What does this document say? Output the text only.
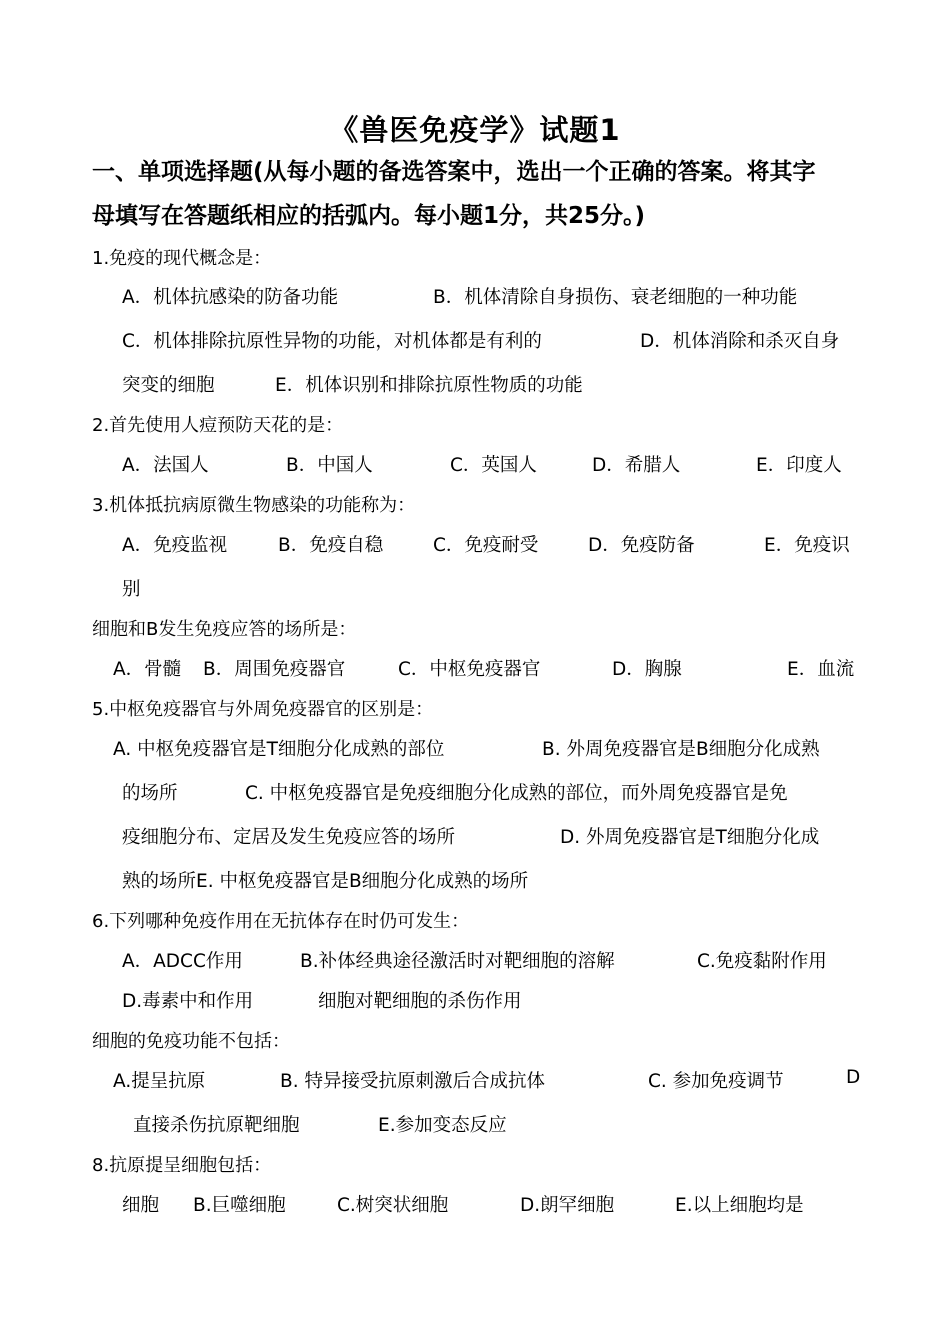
《兽医免疫学》试题1
一、单项选择题(从每小题的备选答案中，选出一个正确的答案。将其字
母填写在答题纸相应的括弧内。每小题1分，共25分。)
1.免疫的现代概念是：
A．机体抗感染的防备功能	B．机体清除自身损伤、衰老细胞的一种功能
C．机体排除抗原性异物的功能，对机体都是有利的	D．机体消除和杀灭自身
突变的细胞	E．机体识别和排除抗原性物质的功能
2.首先使用人痘预防天花的是：
A．法国人	B．中国人	C．英国人	D．希腊人	E．印度人
3.机体抵抗病原微生物感染的功能称为：
A．免疫监视	B．免疫自稳	C．免疫耐受	D．免疫防备	E．免疫识
别
细胞和B发生免疫应答的场所是：
A．骨髓 B．周围免疫器官	C．中枢免疫器官	D．胸腺	E．血流
5.中枢免疫器官与外周免疫器官的区别是：
A. 中枢免疫器官是T细胞分化成熟的部位	B. 外周免疫器官是B细胞分化成熟
的场所	C. 中枢免疫器官是免疫细胞分化成熟的部位，而外周免疫器官是免
疫细胞分布、定居及发生免疫应答的场所	D. 外周免疫器官是T细胞分化成
熟的场所E. 中枢免疫器官是B细胞分化成熟的场所
6.下列哪种免疫作用在无抗体存在时仍可发生：
A．ADCC作用	B.补体经典途径激活时对靶细胞的溶解	C.免疫黏附作用
D.毒素中和作用	细胞对靶细胞的杀伤作用
细胞的免疫功能不包括：
A.提呈抗原	B. 特异接受抗原刺激后合成抗体	C. 参加免疫调节	D
直接杀伤抗原靶细胞	E.参加变态反应
8.抗原提呈细胞包括：
细胞 B.巨噬细胞	C.树突状细胞	D.朗罕细胞	E.以上细胞均是
